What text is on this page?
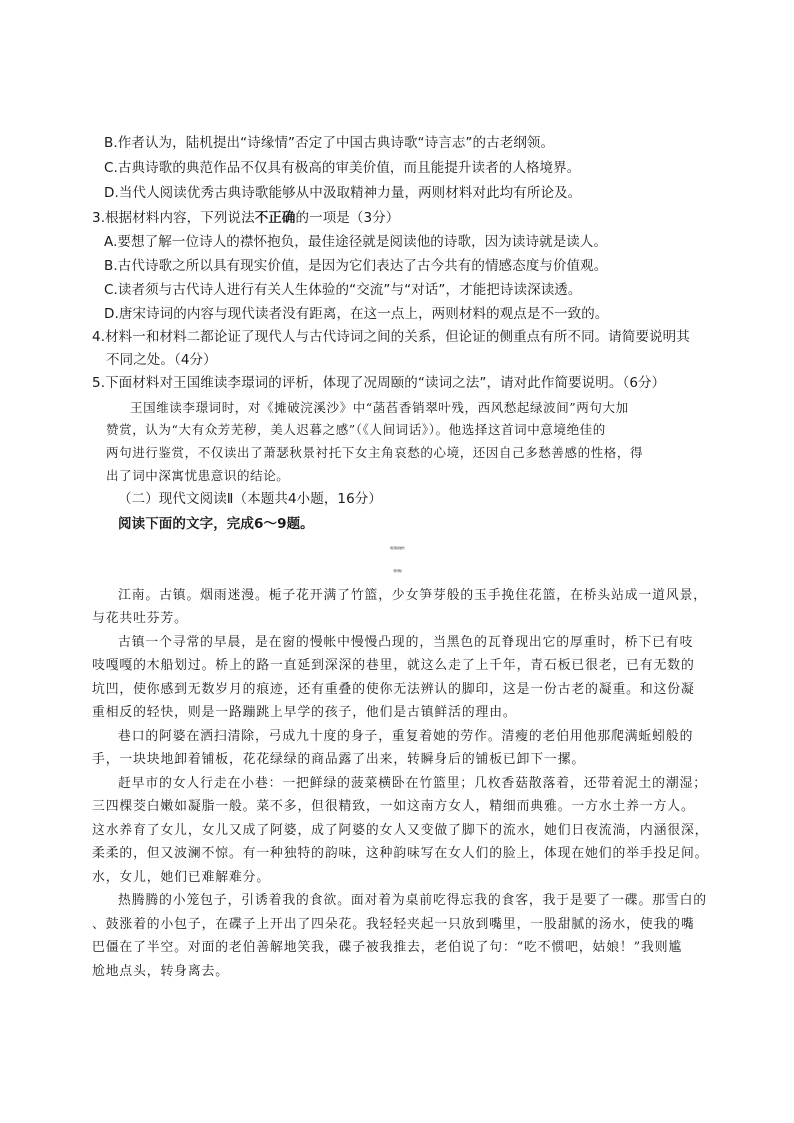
B.作者认为，陆机提出“诗缘情”否定了中国古典诗歌“诗言志”的古老纲领。
C.古典诗歌的典范作品不仅具有极高的审美价值，而且能提升读者的人格境界。
D.当代人阅读优秀古典诗歌能够从中汲取精神力量，两则材料对此均有所论及。
3.根据材料内容，下列说法不正确的一项是（3分）
A.要想了解一位诗人的襟怀抱负，最佳途径就是阅读他的诗歌，因为读诗就是读人。
B.古代诗歌之所以具有现实价值，是因为它们表达了古今共有的情感态度与价值观。
C.读者须与古代诗人进行有关人生体验的“交流”与“对话”，才能把诗读深读透。
D.唐宋诗词的内容与现代读者没有距离，在这一点上，两则材料的观点是不一致的。
4.材料一和材料二都论证了现代人与古代诗词之间的关系，但论证的侧重点有所不同。请简要说明其
不同之处。（4分）
5.下面材料对王国维读李璟词的评析，体现了况周颐的“读词之法”，请对此作简要说明。（6分）
王国维读李璟词时，对《摊破浣溪沙》中“菡萏香销翠叶残，西风愁起绿波间”两句大加
赞赏，认为“大有众芳芜秽，美人迟暮之感”（《人间词话》）。他选择这首词中意境绝佳的
两句进行鉴赏，不仅读出了萧瑟秋景衬托下女主角哀愁的心境，还因自己多愁善感的性格，得
出了词中深寓忧患意识的结论。
（二）现代文阅读Ⅱ（本题共4小题，16分）
阅读下面的文字，完成6～9题。
渐行渐远的忧伤
林小娴
江南。古镇。烟雨迷漫。栀子花开满了竹篮，少女笋芽般的玉手挽住花篮，在桥头站成一道风景，
与花共吐芬芳。
古镇一个寻常的早晨，是在窗的慢帐中慢慢凸现的，当黑色的瓦脊现出它的厚重时，桥下已有吱
吱嘎嘎的木船划过。桥上的路一直延到深深的巷里，就这么走了上千年，青石板已很老，已有无数的
坑凹，使你感到无数岁月的痕迹，还有重叠的使你无法辨认的脚印，这是一份古老的凝重。和这份凝
重相反的轻快，则是一路蹦跳上早学的孩子，他们是古镇鲜活的理由。
巷口的阿婆在洒扫清除，弓成九十度的身子，重复着她的劳作。清瘦的老伯用他那爬满蚯蚓般的
手，一块块地卸着铺板，花花绿绿的商品露了出来，转瞬身后的铺板已卸下一摞。
赶早市的女人行走在小巷：一把鲜绿的菠菜横卧在竹篮里；几枚香菇散落着，还带着泥土的潮湿；
三四棵茭白嫩如凝脂一般。菜不多，但很精致，一如这南方女人，精细而典雅。一方水土养一方人。
这水养育了女儿，女儿又成了阿婆，成了阿婆的女人又变做了脚下的流水，她们日夜流淌，内涵很深，
柔柔的，但又波澜不惊。有一种独特的韵味，这种韵味写在女人们的脸上，体现在她们的举手投足间。
水，女儿，她们已难解难分。
热腾腾的小笼包子，引诱着我的食欲。面对着为桌前吃得忘我的食客，我于是要了一碟。那雪白的
、鼓涨着的小包子，在碟子上开出了四朵花。我轻轻夹起一只放到嘴里，一股甜腻的汤水，使我的嘴
巴僵在了半空。对面的老伯善解地笑我，碟子被我推去，老伯说了句：“吃不惯吧，姑娘！”我则尴
尬地点头，转身离去。
